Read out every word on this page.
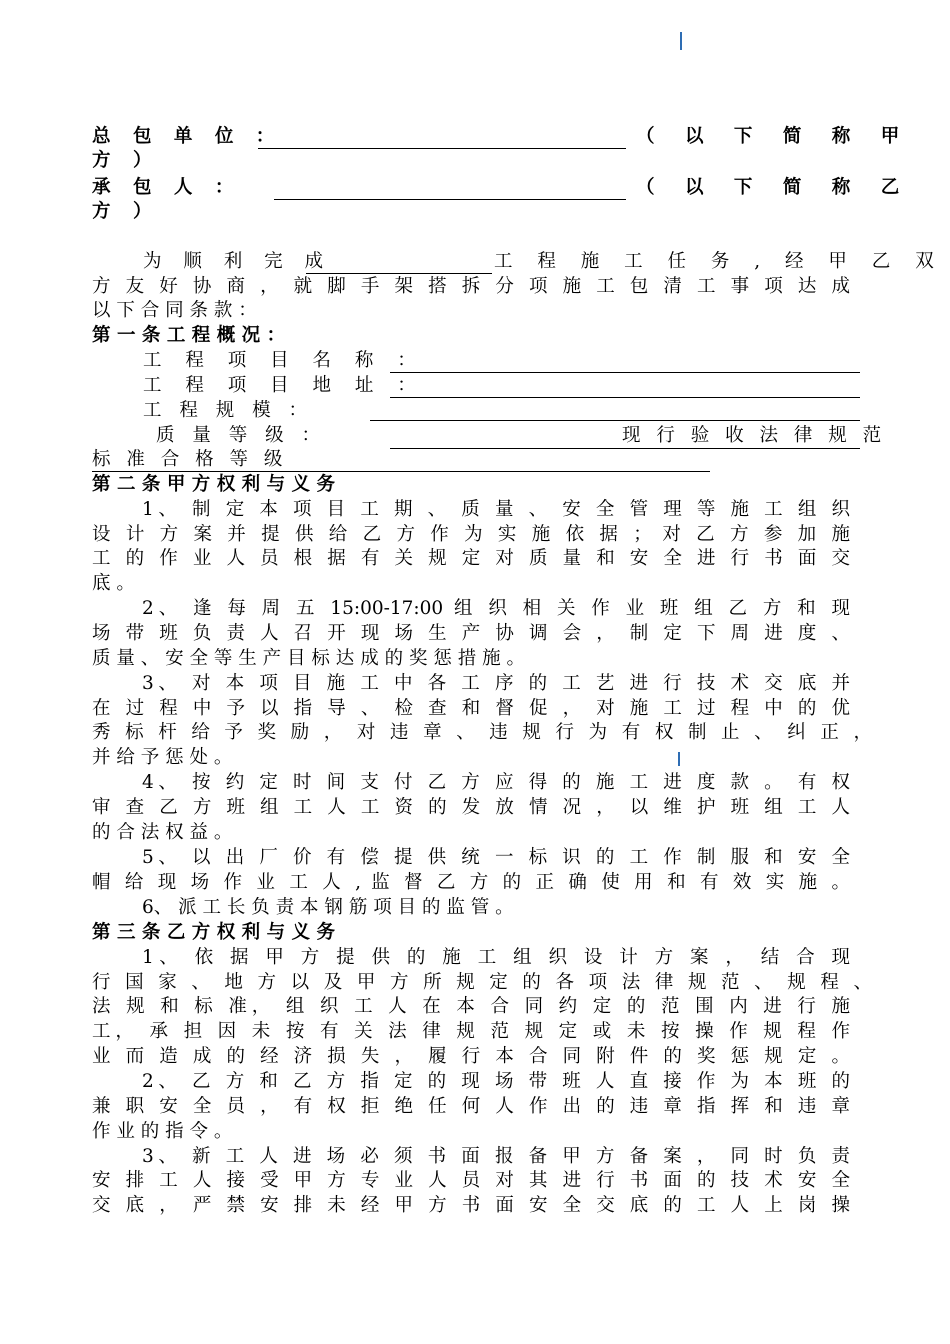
总 包 单 位 ：	（ 以 下 简 称 甲
方 ）
承 包 人 ：	（ 以 下 简 称 乙
方 ）
为 顺 利 完 成	工 程 施 工 任 务 , 经 甲 乙 双
方 友 好 协 商 ， 就 脚 手 架 搭 拆 分 项 施 工 包 清 工 事 项 达 成
以 下 合 同 条 款 ：
第 一 条 工 程 概 况 ：
工 程 项 目 名 称 ：
工 程 项 目 地 址 ：
工 程 规 模 ：
质 量 等 级 ：	现 行 验 收 法 律 规 范
标 准 合 格 等 级
第 二 条 甲 方 权 利 与 义 务
1、 制 定 本 项 目 工 期 、 质 量 、 安 全 管 理 等 施 工 组 织
设 计 方 案 并 提 供 给 乙 方 作 为 实 施 依 据 ； 对 乙 方 参 加 施
工 的 作 业 人 员 根 据 有 关 规 定 对 质 量 和 安 全 进 行 书 面 交
底 。
2、 逢 每 周 五 15:00-17:00 组 织 相 关 作 业 班 组 乙 方 和 现
场 带 班 负 责 人 召 开 现 场 生 产 协 调 会 ， 制 定 下 周 进 度 、
质 量 、 安 全 等 生 产 目 标 达 成 的 奖 惩 措 施 。
3、 对 本 项 目 施 工 中 各 工 序 的 工 艺 进 行 技 术 交 底 并
在 过 程 中 予 以 指 导 、 检 查 和 督 促 ， 对 施 工 过 程 中 的 优
秀 标 杆 给 予 奖 励 ， 对 违 章 、 违 规 行 为 有 权 制 止 、 纠 正 ，
并 给 予 惩 处 。
4、 按 约 定 时 间 支 付 乙 方 应 得 的 施 工 进 度 款 。 有 权
审 查 乙 方 班 组 工 人 工 资 的 发 放 情 况 ， 以 维 护 班 组 工 人
的 合 法 权 益 。
5、 以 出 厂 价 有 偿 提 供 统 一 标 识 的 工 作 制 服 和 安 全
帽 给 现 场 作 业 工 人 , 监 督 乙 方 的 正 确 使 用 和 有 效 实 施 。
6、 派 工 长 负 责 本 钢 筋 项 目 的 监 管 。
第 三 条 乙 方 权 利 与 义 务
1、 依 据 甲 方 提 供 的 施 工 组 织 设 计 方 案 ， 结 合 现
行 国 家 、 地 方 以 及 甲 方 所 规 定 的 各 项 法 律 规 范 、 规 程 、
法 规 和 标 准， 组 织 工 人 在 本 合 同 约 定 的 范 围 内 进 行 施
工， 承 担 因 未 按 有 关 法 律 规 范 规 定 或 未 按 操 作 规 程 作
业 而 造 成 的 经 济 损 失 ， 履 行 本 合 同 附 件 的 奖 惩 规 定 。
2、 乙 方 和 乙 方 指 定 的 现 场 带 班 人 直 接 作 为 本 班 的
兼 职 安 全 员 ， 有 权 拒 绝 任 何 人 作 出 的 违 章 指 挥 和 违 章
作 业 的 指 令 。
3、 新 工 人 进 场 必 须 书 面 报 备 甲 方 备 案 ， 同 时 负 责
安 排 工 人 接 受 甲 方 专 业 人 员 对 其 进 行 书 面 的 技 术 安 全
交 底 ， 严 禁 安 排 未 经 甲 方 书 面 安 全 交 底 的 工 人 上 岗 操
